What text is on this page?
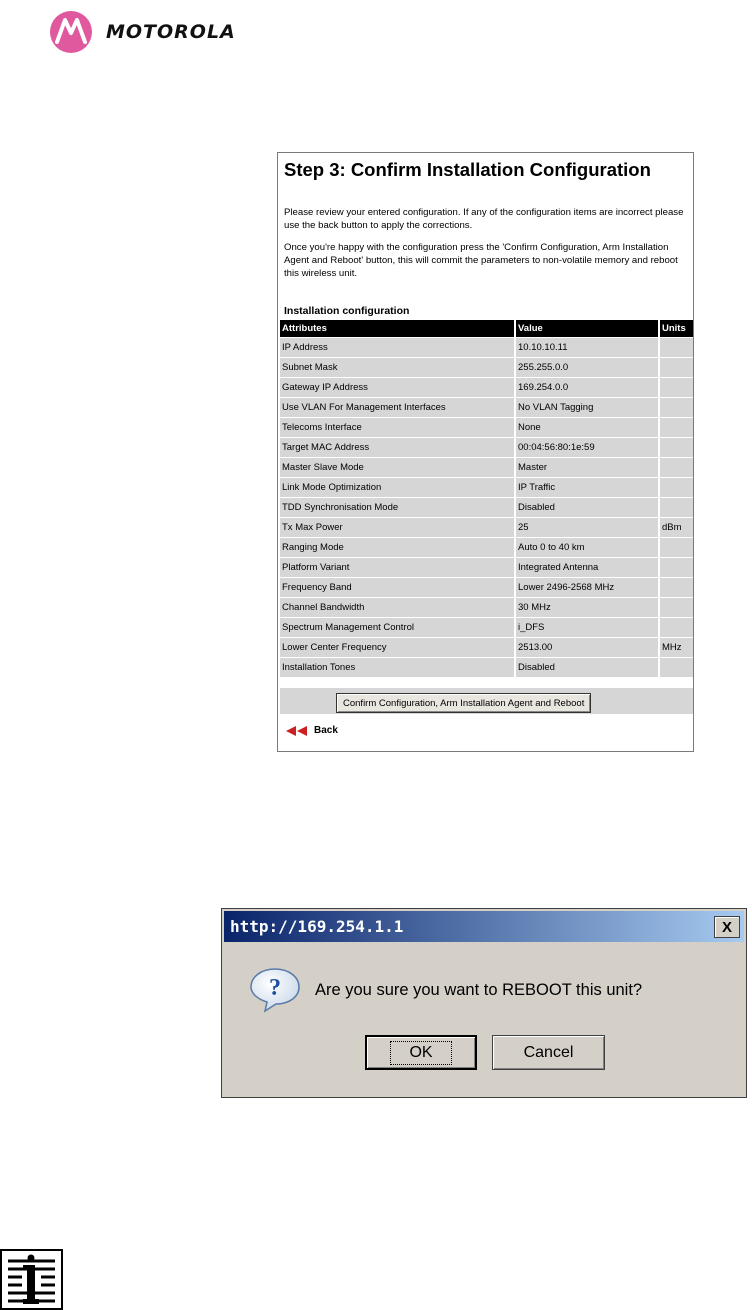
MOTOROLA
Step 3: Confirm Installation Configuration

Please review your entered configuration. If any of the configuration items are incorrect please use the back button to apply the corrections.

Once you're happy with the configuration press the 'Confirm Configuration, Arm Installation Agent and Reboot' button, this will commit the parameters to non-volatile memory and reboot this wireless unit.

Installation configuration
Attributes	Value	Units
IP Address	10.10.10.11	
Subnet Mask	255.255.0.0	
Gateway IP Address	169.254.0.0	
Use VLAN For Management Interfaces	No VLAN Tagging	
Telecoms Interface	None	
Target MAC Address	00:04:56:80:1e:59	
Master Slave Mode	Master	
Link Mode Optimization	IP Traffic	
TDD Synchronisation Mode	Disabled	
Tx Max Power	25	dBm
Ranging Mode	Auto 0 to 40 km	
Platform Variant	Integrated Antenna	
Frequency Band	Lower 2496-2568 MHz	
Channel Bandwidth	30 MHz	
Spectrum Management Control	i_DFS	
Lower Center Frequency	2513.00	MHz
Installation Tones	Disabled	
Confirm Configuration, Arm Installation Agent and Reboot
Back
http://169.254.1.1	X
? Are you sure you want to REBOOT this unit?
OK	Cancel
